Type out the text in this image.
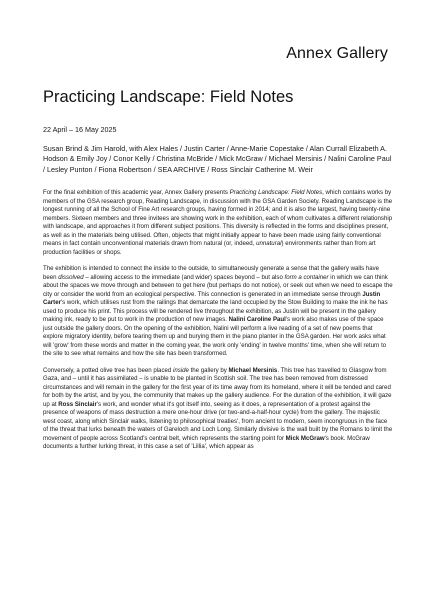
Annex Gallery
Practicing Landscape: Field Notes
22 April – 16 May 2025
Susan Brind & Jim Harold, with Alex Hales / Justin Carter / Anne-Marie Copestake / Alan Currall Elizabeth A. Hodson & Emily Joy / Conor Kelly / Christina McBride / Mick McGraw / Michael Mersinis / Nalini Caroline Paul / Lesley Punton / Fiona Robertson / SEA ARCHIVE / Ross Sinclair Catherine M. Weir

For the final exhibition of this academic year, Annex Gallery presents Practicing Landscape: Field Notes, which contains works by members of the GSA research group, Reading Landscape, in discussion with the GSA Garden Society. Reading Landscape is the longest running of all the School of Fine Art research groups, having formed in 2014; and it is also the largest, having twenty-nine members. Sixteen members and three invitees are showing work in the exhibition, each of whom cultivates a different relationship with landscape, and approaches it from different subject positions. This diversity is reflected in the forms and disciplines present, as well as in the materials being utilised. Often, objects that might initially appear to have been made using fairly conventional means in fact contain unconventional materials drawn from natural (or, indeed, unnatural) environments rather than from art production facilities or shops.

The exhibition is intended to connect the inside to the outside, to simultaneously generate a sense that the gallery walls have been dissolved – allowing access to the immediate (and wider) spaces beyond – but also form a container in which we can think about the spaces we move through and between to get here (but perhaps do not notice), or seek out when we need to escape the city or consider the world from an ecological perspective. This connection is generated in an immediate sense through Justin Carter's work, which utilises rust from the railings that demarcate the land occupied by the Stow Building to make the ink he has used to produce his print. This process will be rendered live throughout the exhibition, as Justin will be present in the gallery making ink, ready to be put to work in the production of new images. Nalini Caroline Paul's work also makes use of the space just outside the gallery doors. On the opening of the exhibition, Nalini will perform a live reading of a set of new poems that explore migratory identity, before tearing them up and burying them in the piano planter in the GSA garden. Her work asks what will 'grow' from these words and matter in the coming year, the work only 'ending' in twelve months' time, when she will return to the site to see what remains and how the site has been transformed.

Conversely, a potted olive tree has been placed inside the gallery by Michael Mersinis. This tree has travelled to Glasgow from Gaza, and – until it has assimilated – is unable to be planted in Scottish soil. The tree has been removed from distressed circumstances and will remain in the gallery for the first year of its time away from its homeland, where it will be tended and cared for both by the artist, and by you, the community that makes up the gallery audience. For the duration of the exhibition, it will gaze up at Ross Sinclair's work, and wonder what it's got itself into, seeing as it does, a representation of a protest against the presence of weapons of mass destruction a mere one-hour drive (or two-and-a-half-hour cycle) from the gallery. The majestic west coast, along which Sinclair walks, listening to philosophical treaties', from ancient to modern, seem incongruous in the face of the threat that lurks beneath the waters of Gareloch and Loch Long. Similarly divisive is the wall built by the Romans to limit the movement of people across Scotland's central belt, which represents the starting point for Mick McGraw's book. McGraw documents a further lurking threat, in this case a set of 'Lillia', which appear as
